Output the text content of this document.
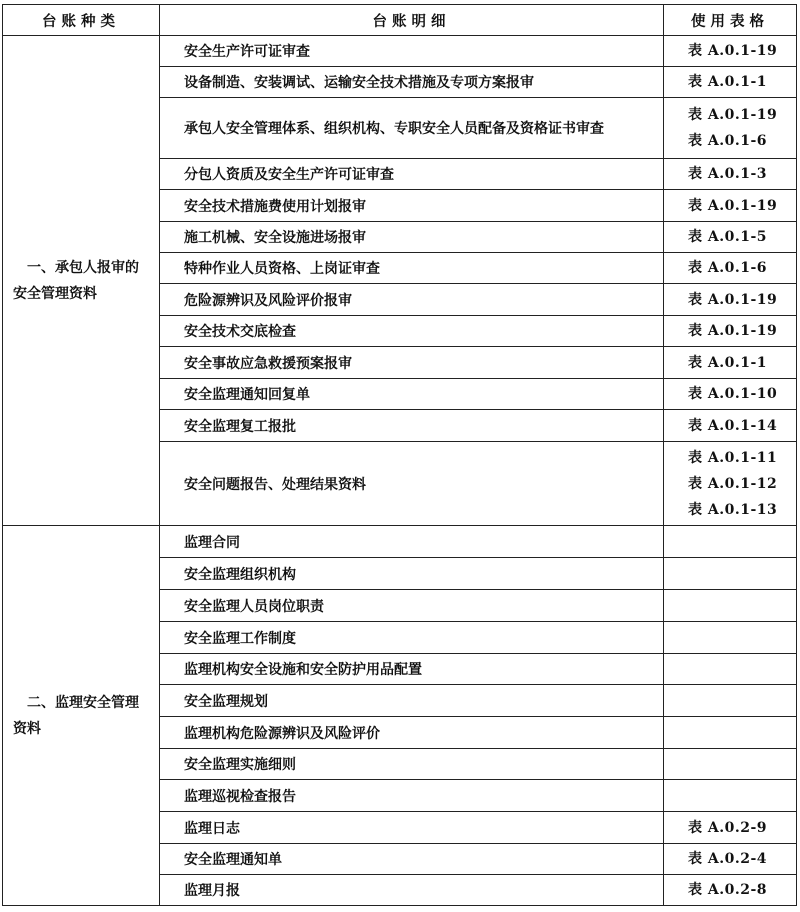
台账种类	台账明细	使用表格

一、承包人报审的
安全管理资料	安全生产许可证审查	表 A.0.1-19

	设备制造、安装调试、运输安全技术措施及专项方案报审	表 A.0.1-1

	承包人安全管理体系、组织机构、专职安全人员配备及资格证书审查	表 A.0.1-19
表 A.0.1-6

	分包人资质及安全生产许可证审查	表 A.0.1-3

	安全技术措施费使用计划报审	表 A.0.1-19

	施工机械、安全设施进场报审	表 A.0.1-5

	特种作业人员资格、上岗证审查	表 A.0.1-6

	危险源辨识及风险评价报审	表 A.0.1-19

	安全技术交底检查	表 A.0.1-19

	安全事故应急救援预案报审	表 A.0.1-1

	安全监理通知回复单	表 A.0.1-10

	安全监理复工报批	表 A.0.1-14

	安全问题报告、处理结果资料	表 A.0.1-11
表 A.0.1-12
表 A.0.1-13

二、监理安全管理
资料	监理合同	
	安全监理组织机构	
	安全监理人员岗位职责	
	安全监理工作制度	
	监理机构安全设施和安全防护用品配置	
	安全监理规划	
	监理机构危险源辨识及风险评价	
	安全监理实施细则	
	监理巡视检查报告	
	监理日志	表 A.0.2-9

	安全监理通知单	表 A.0.2-4

	监理月报	表 A.0.2-8
